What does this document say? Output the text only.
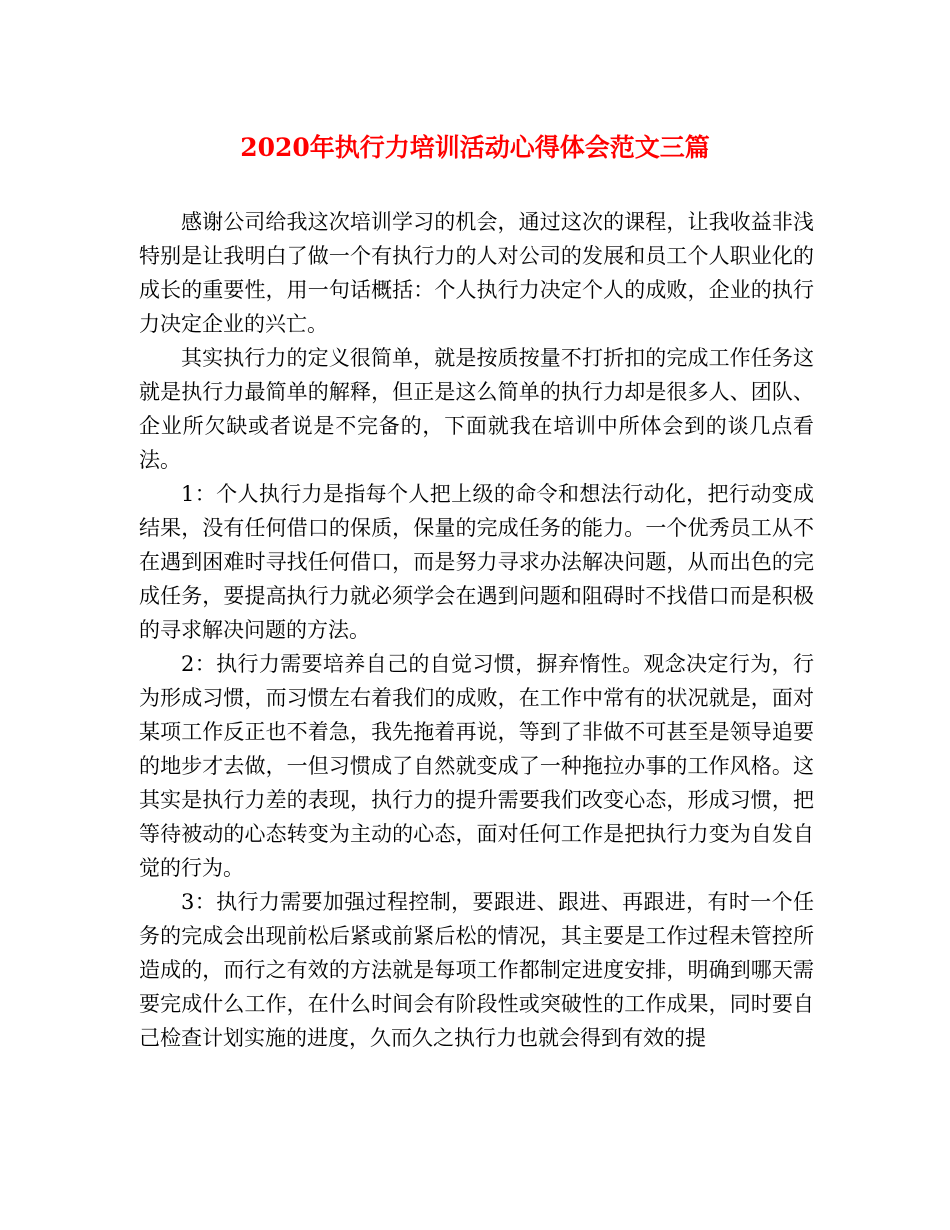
2020年执行力培训活动心得体会范文三篇

感谢公司给我这次培训学习的机会，通过这次的课程，让我收益非浅特别是让我明白了做一个有执行力的人对公司的发展和员工个人职业化的成长的重要性，用一句话概括：个人执行力决定个人的成败，企业的执行力决定企业的兴亡。

其实执行力的定义很简单，就是按质按量不打折扣的完成工作任务这就是执行力最简单的解释，但正是这么简单的执行力却是很多人、团队、企业所欠缺或者说是不完备的，下面就我在培训中所体会到的谈几点看法。

1：个人执行力是指每个人把上级的命令和想法行动化，把行动变成结果，没有任何借口的保质，保量的完成任务的能力。一个优秀员工从不在遇到困难时寻找任何借口，而是努力寻求办法解决问题，从而出色的完成任务，要提高执行力就必须学会在遇到问题和阻碍时不找借口而是积极的寻求解决问题的方法。

2：执行力需要培养自己的自觉习惯，摒弃惰性。观念决定行为，行为形成习惯，而习惯左右着我们的成败，在工作中常有的状况就是，面对某项工作反正也不着急，我先拖着再说，等到了非做不可甚至是领导追要的地步才去做，一但习惯成了自然就变成了一种拖拉办事的工作风格。这其实是执行力差的表现，执行力的提升需要我们改变心态，形成习惯，把等待被动的心态转变为主动的心态，面对任何工作是把执行力变为自发自觉的行为。

3：执行力需要加强过程控制，要跟进、跟进、再跟进，有时一个任务的完成会出现前松后紧或前紧后松的情况，其主要是工作过程未管控所造成的，而行之有效的方法就是每项工作都制定进度安排，明确到哪天需要完成什么工作，在什么时间会有阶段性或突破性的工作成果，同时要自己检查计划实施的进度，久而久之执行力也就会得到有效的提
